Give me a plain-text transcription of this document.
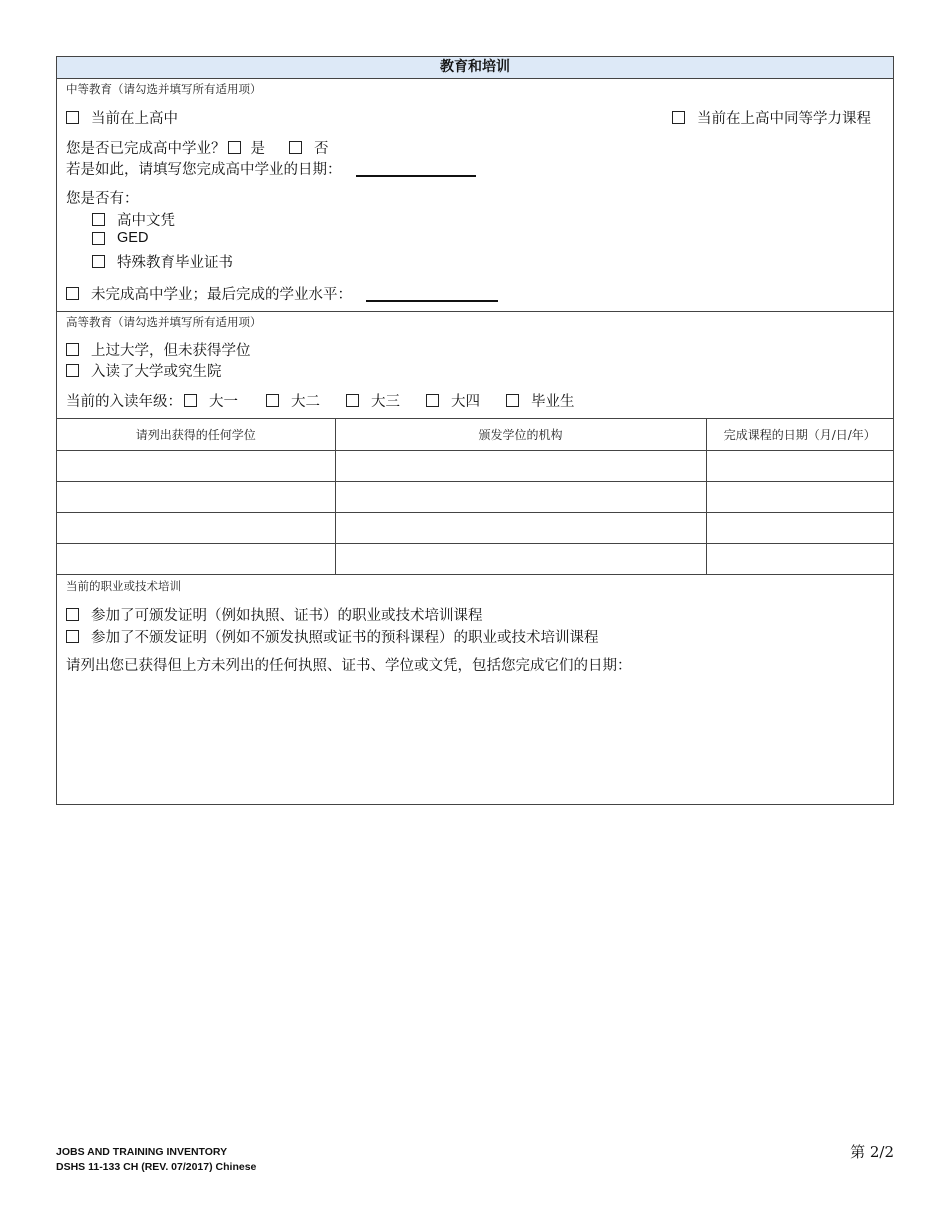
教育和培训
中等教育（请勾选并填写所有适用项）
当前在上高中	当前在上高中同等学力课程
您是否已完成高中学业？ 是	否
若是如此，请填写您完成高中学业的日期：
您是否有：
高中文凭
GED
特殊教育毕业证书
未完成高中学业；最后完成的学业水平：
高等教育（请勾选并填写所有适用项）
上过大学，但未获得学位
入读了大学或究生院
当前的入读年级： 大一	大二	大三	大四	毕业生
请列出获得的任何学位	颁发学位的机构	完成课程的日期（月/日/年）

当前的职业或技术培训
参加了可颁发证明（例如执照、证书）的职业或技术培训课程
参加了不颁发证明（例如不颁发执照或证书的预科课程）的职业或技术培训课程
请列出您已获得但上方未列出的任何执照、证书、学位或文凭，包括您完成它们的日期：
JOBS AND TRAINING INVENTORY
DSHS 11-133 CH (REV. 07/2017) Chinese
第 2/2
